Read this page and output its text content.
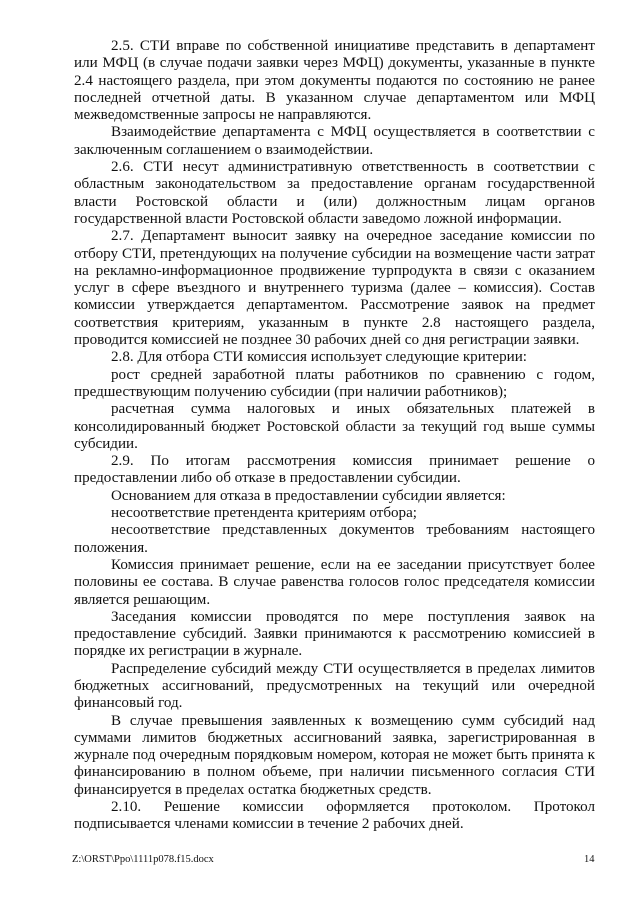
2.5. СТИ вправе по собственной инициативе представить в департамент или МФЦ (в случае подачи заявки через МФЦ) документы, указанные в пункте 2.4 настоящего раздела, при этом документы подаются по состоянию не ранее последней отчетной даты. В указанном случае департаментом или МФЦ межведомственные запросы не направляются.

Взаимодействие департамента с МФЦ осуществляется в соответствии с заключенным соглашением о взаимодействии.

2.6. СТИ несут административную ответственность в соответствии с областным законодательством за предоставление органам государственной власти Ростовской области и (или) должностным лицам органов государственной власти Ростовской области заведомо ложной информации.

2.7. Департамент выносит заявку на очередное заседание комиссии по отбору СТИ, претендующих на получение субсидии на возмещение части затрат на рекламно-информационное продвижение турпродукта в связи с оказанием услуг в сфере въездного и внутреннего туризма (далее – комиссия). Состав комиссии утверждается департаментом. Рассмотрение заявок на предмет соответствия критериям, указанным в пункте 2.8 настоящего раздела, проводится комиссией не позднее 30 рабочих дней со дня регистрации заявки.

2.8. Для отбора СТИ комиссия использует следующие критерии:

рост средней заработной платы работников по сравнению с годом, предшествующим получению субсидии (при наличии работников);

расчетная сумма налоговых и иных обязательных платежей в консолидированный бюджет Ростовской области за текущий год выше суммы субсидии.

2.9. По итогам рассмотрения комиссия принимает решение о предоставлении либо об отказе в предоставлении субсидии.

Основанием для отказа в предоставлении субсидии является:

несоответствие претендента критериям отбора;

несоответствие представленных документов требованиям настоящего положения.

Комиссия принимает решение, если на ее заседании присутствует более половины ее состава. В случае равенства голосов голос председателя комиссии является решающим.

Заседания комиссии проводятся по мере поступления заявок на предоставление субсидий. Заявки принимаются к рассмотрению комиссией в порядке их регистрации в журнале.

Распределение субсидий между СТИ осуществляется в пределах лимитов бюджетных ассигнований, предусмотренных на текущий или очередной финансовый год.

В случае превышения заявленных к возмещению сумм субсидий над суммами лимитов бюджетных ассигнований заявка, зарегистрированная в журнале под очередным порядковым номером, которая не может быть принята к финансированию в полном объеме, при наличии письменного согласия СТИ финансируется в пределах остатка бюджетных средств.

2.10. Решение комиссии оформляется протоколом. Протокол подписывается членами комиссии в течение 2 рабочих дней.

Z:\ORST\Ppo\1111p078.f15.docx	14
